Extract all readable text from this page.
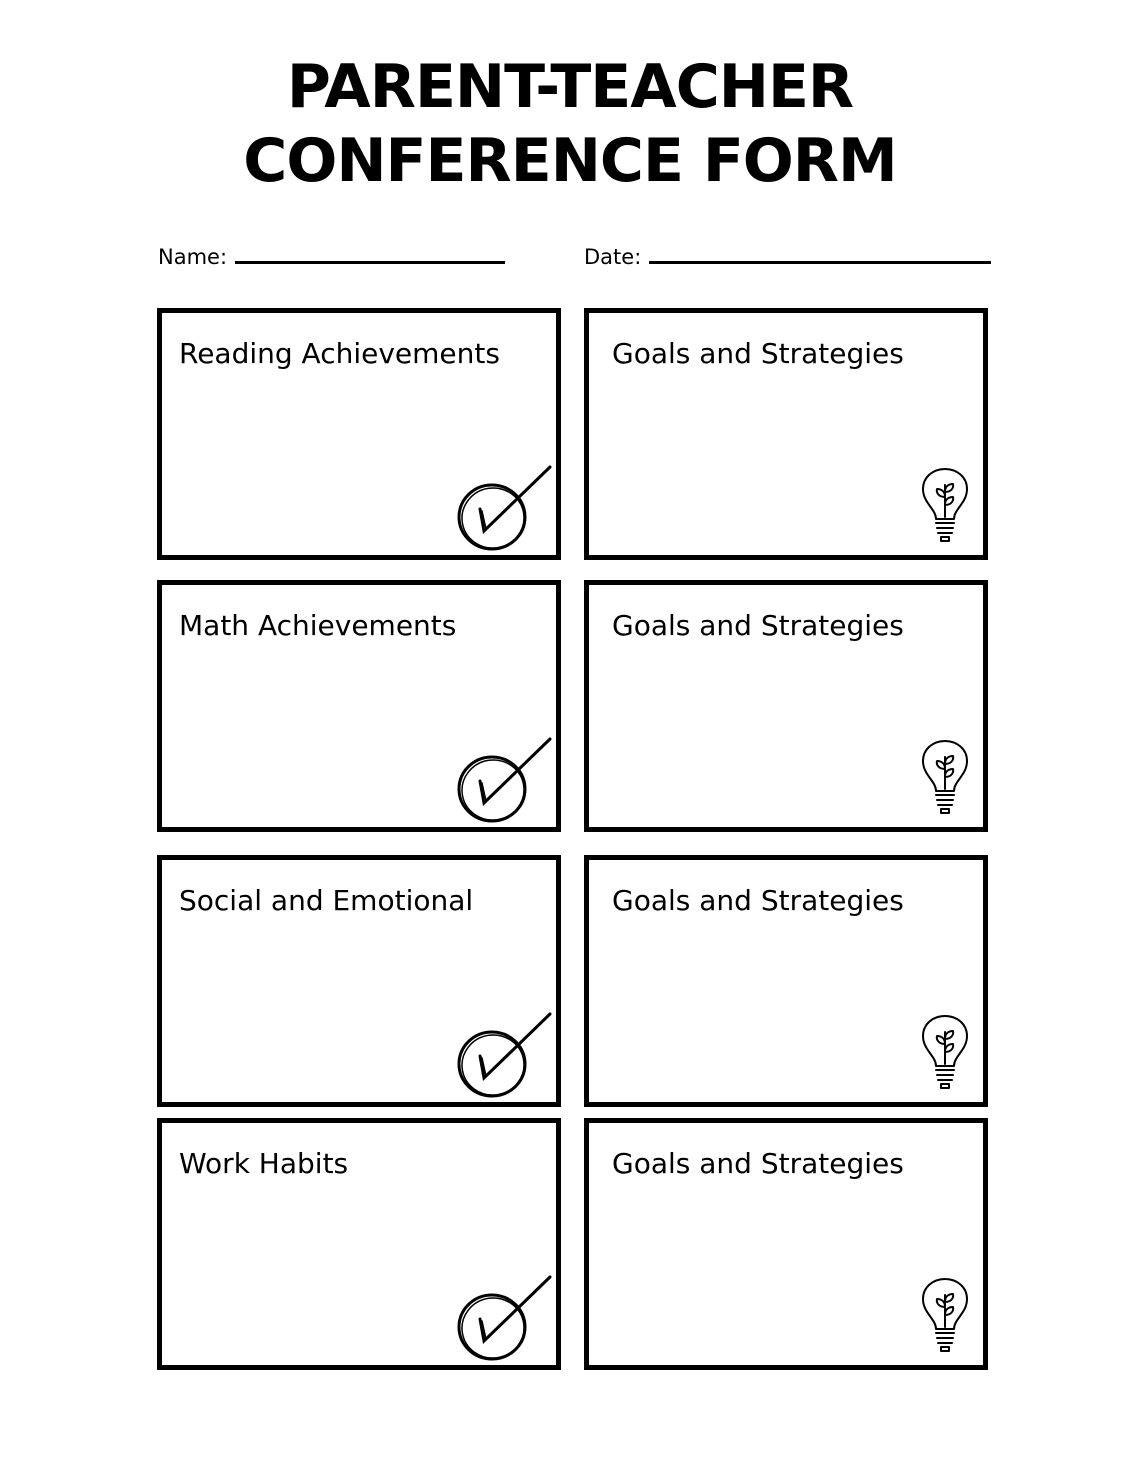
PARENT-TEACHER
CONFERENCE FORM
Name:	Date:
Reading Achievements	Goals and Strategies
Math Achievements	Goals and Strategies
Social and Emotional	Goals and Strategies
Work Habits	Goals and Strategies
